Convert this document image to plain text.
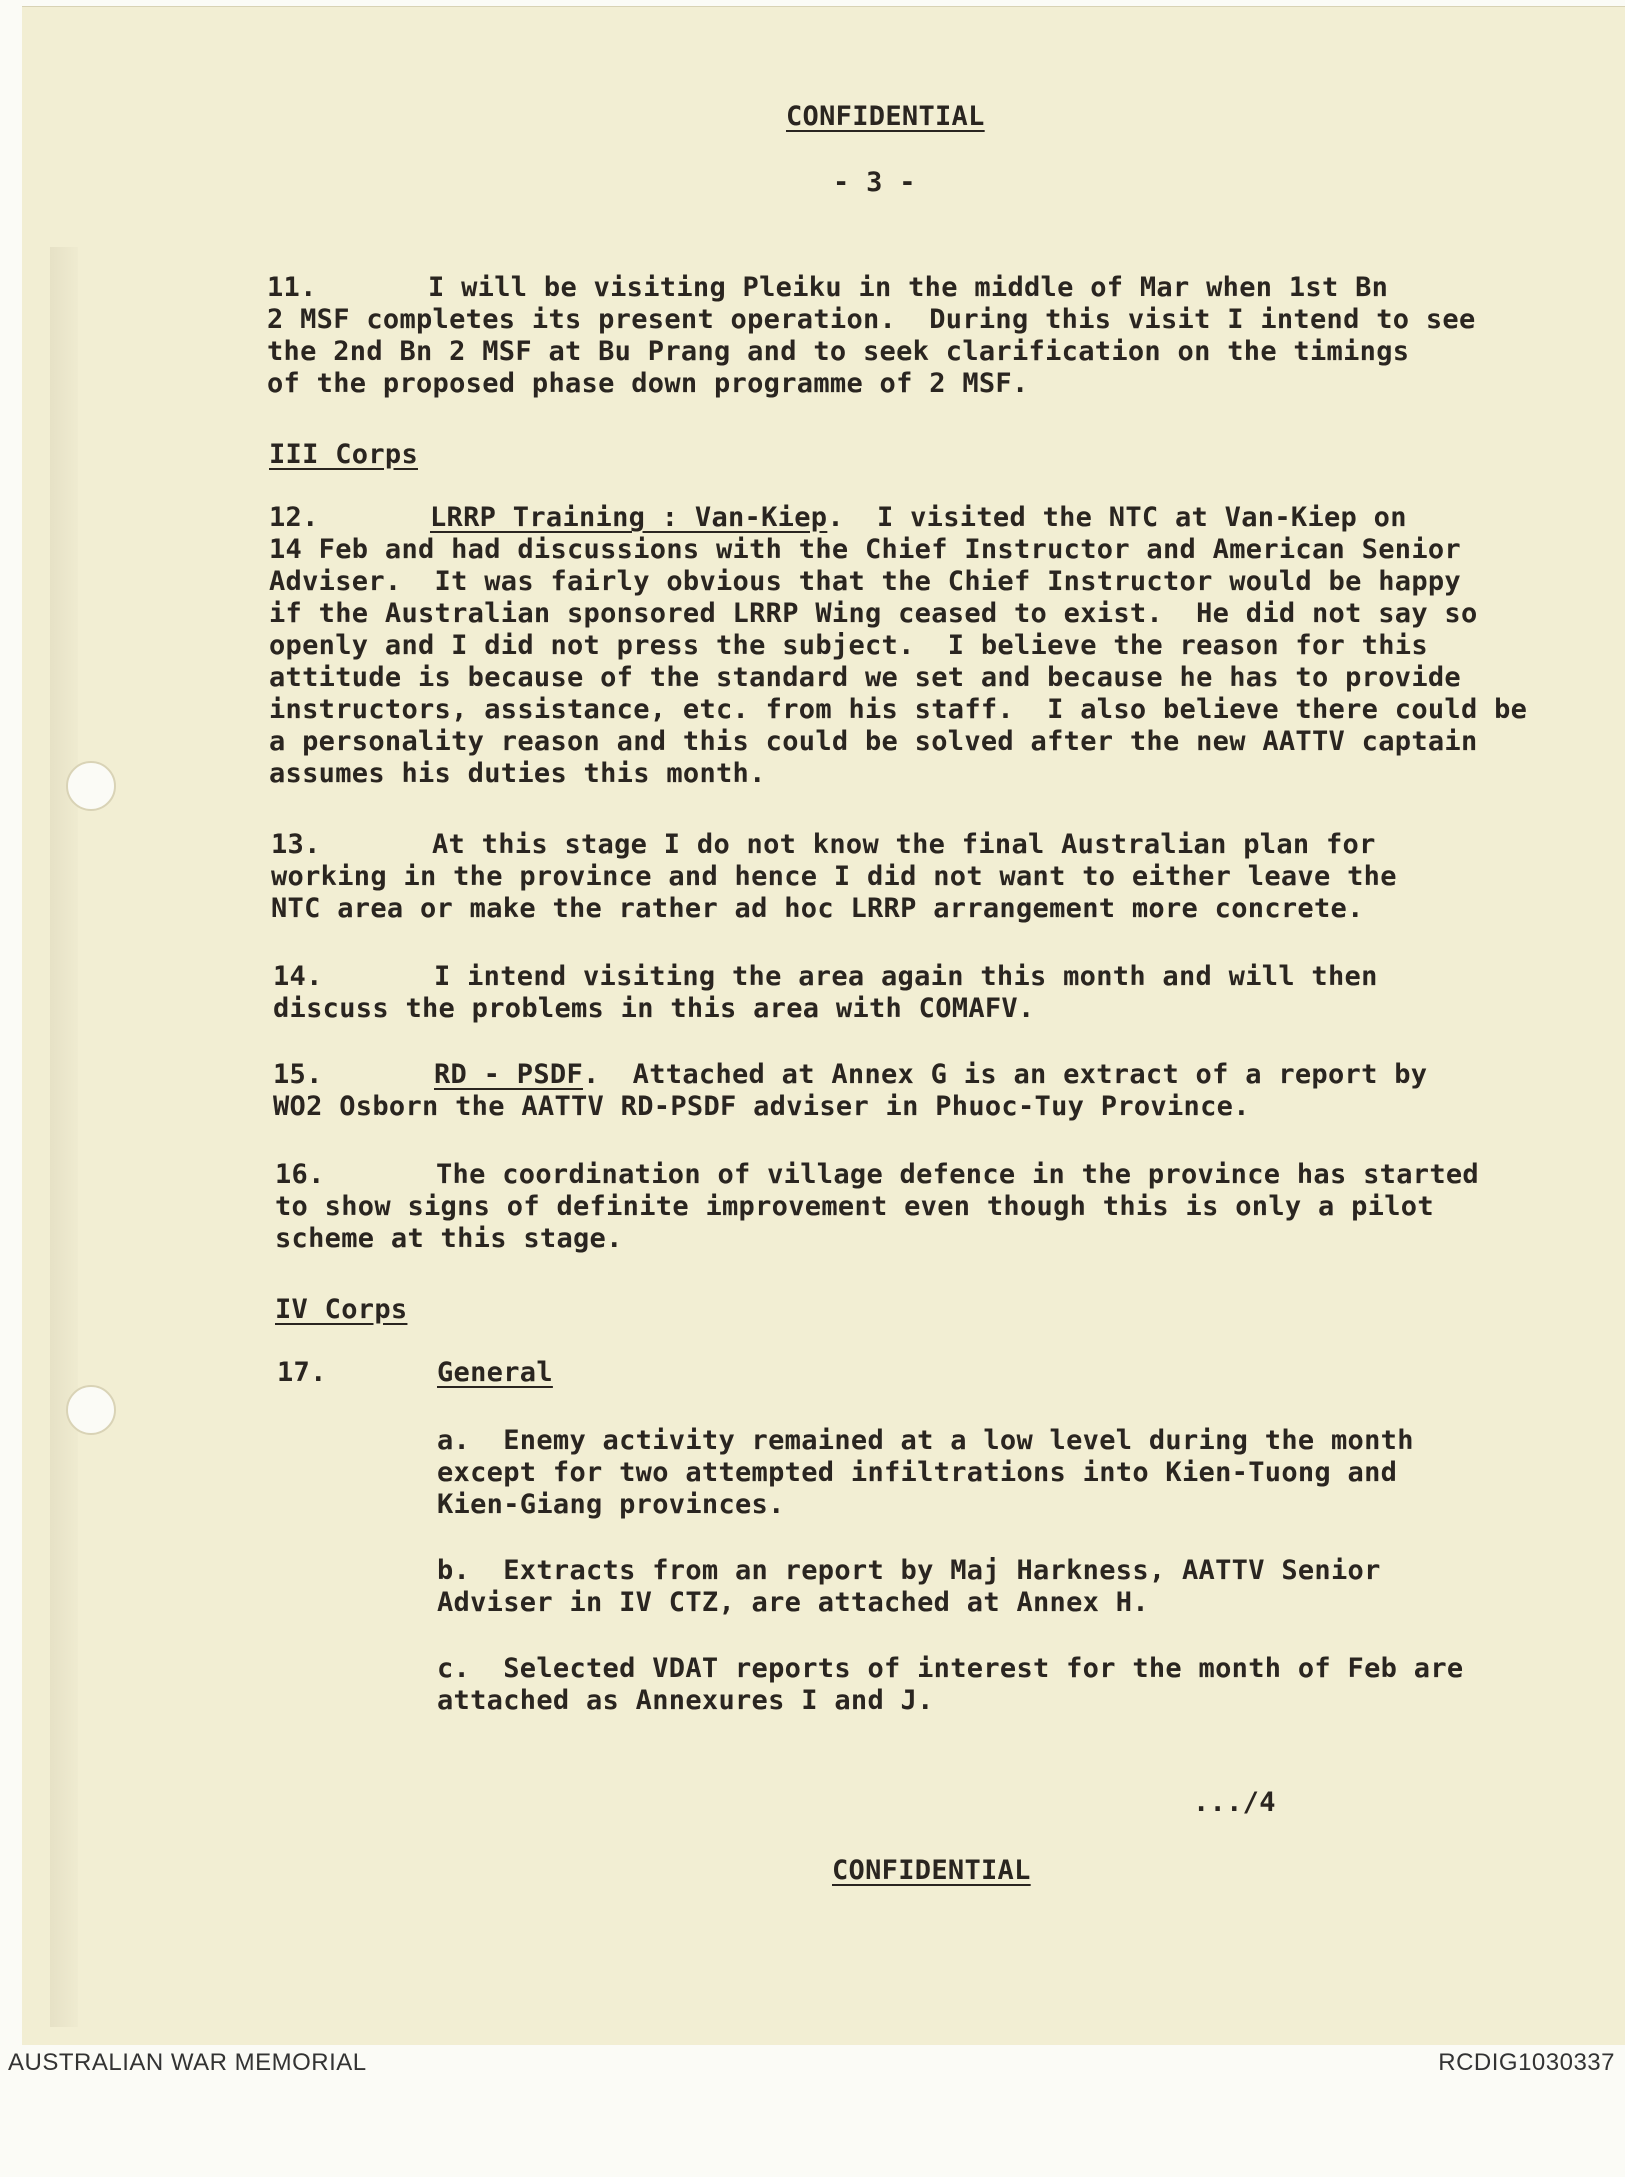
CONFIDENTIAL

- 3 -

11.

	I will be visiting Pleiku in the middle of Mar when 1st Bn

2 MSF completes its present operation.  During this visit I intend to see

the 2nd Bn 2 MSF at Bu Prang and to seek clarification on the timings

of the proposed phase down programme of 2 MSF.

III Corps

12.

	LRRP Training : Van-Kiep.  I visited the NTC at Van-Kiep on

14 Feb and had discussions with the Chief Instructor and American Senior

Adviser.  It was fairly obvious that the Chief Instructor would be happy

if the Australian sponsored LRRP Wing ceased to exist.  He did not say so

openly and I did not press the subject.  I believe the reason for this

attitude is because of the standard we set and because he has to provide

instructors, assistance, etc. from his staff.  I also believe there could be

a personality reason and this could be solved after the new AATTV captain

assumes his duties this month.

13.

	At this stage I do not know the final Australian plan for

working in the province and hence I did not want to either leave the

NTC area or make the rather ad hoc LRRP arrangement more concrete.

14.

	I intend visiting the area again this month and will then

discuss the problems in this area with COMAFV.

15.

	RD - PSDF.  Attached at Annex G is an extract of a report by

WO2 Osborn the AATTV RD-PSDF adviser in Phuoc-Tuy Province.

16.

	The coordination of village defence in the province has started

to show signs of definite improvement even though this is only a pilot

scheme at this stage.

IV Corps

17.

	General

a.  Enemy activity remained at a low level during the month

except for two attempted infiltrations into Kien-Tuong and

Kien-Giang provinces.

b.  Extracts from an report by Maj Harkness, AATTV Senior

Adviser in IV CTZ, are attached at Annex H.

c.  Selected VDAT reports of interest for the month of Feb are

attached as Annexures I and J.

.../4

CONFIDENTIAL

AUSTRALIAN WAR MEMORIAL	RCDIG1030337
